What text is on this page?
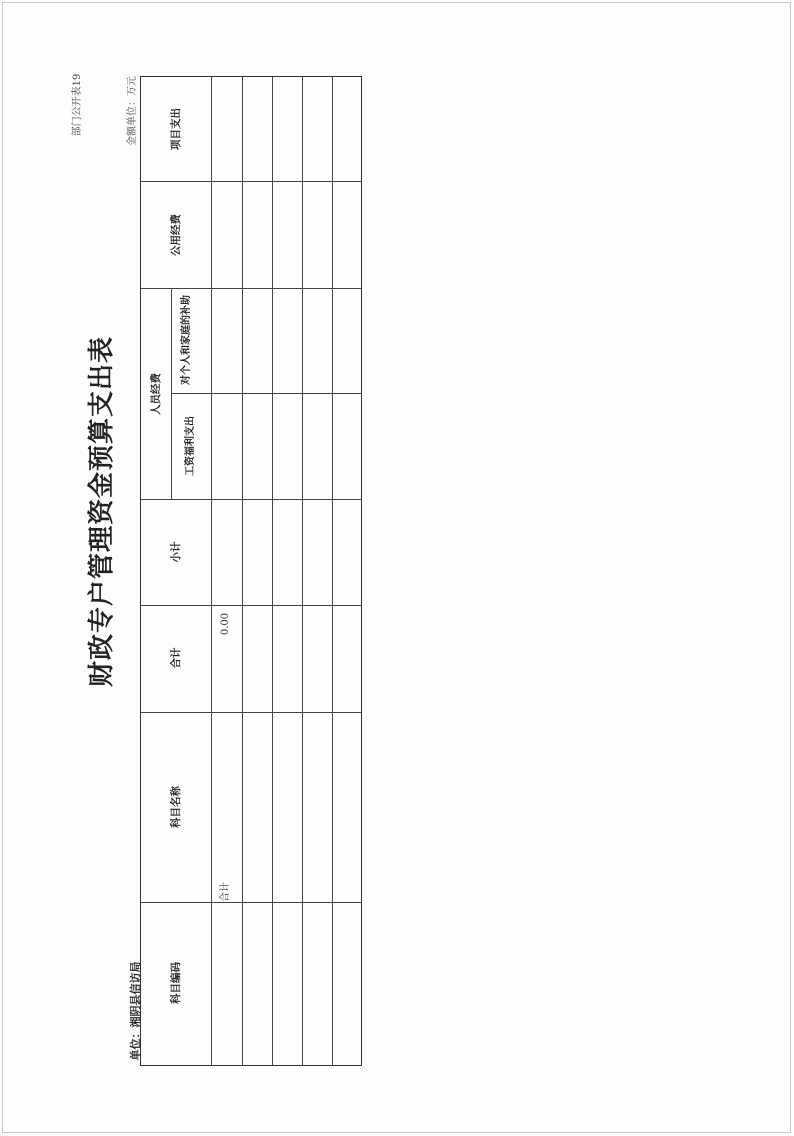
部门公开表19	金额单位：万元
财政专户管理资金预算支出表
单位：湘阴县信访局
项目支出
公用经费
对个人和家庭的补助
工资福利支出
人员经费
小计
合计
科目名称
科目编码
0.00
合计
